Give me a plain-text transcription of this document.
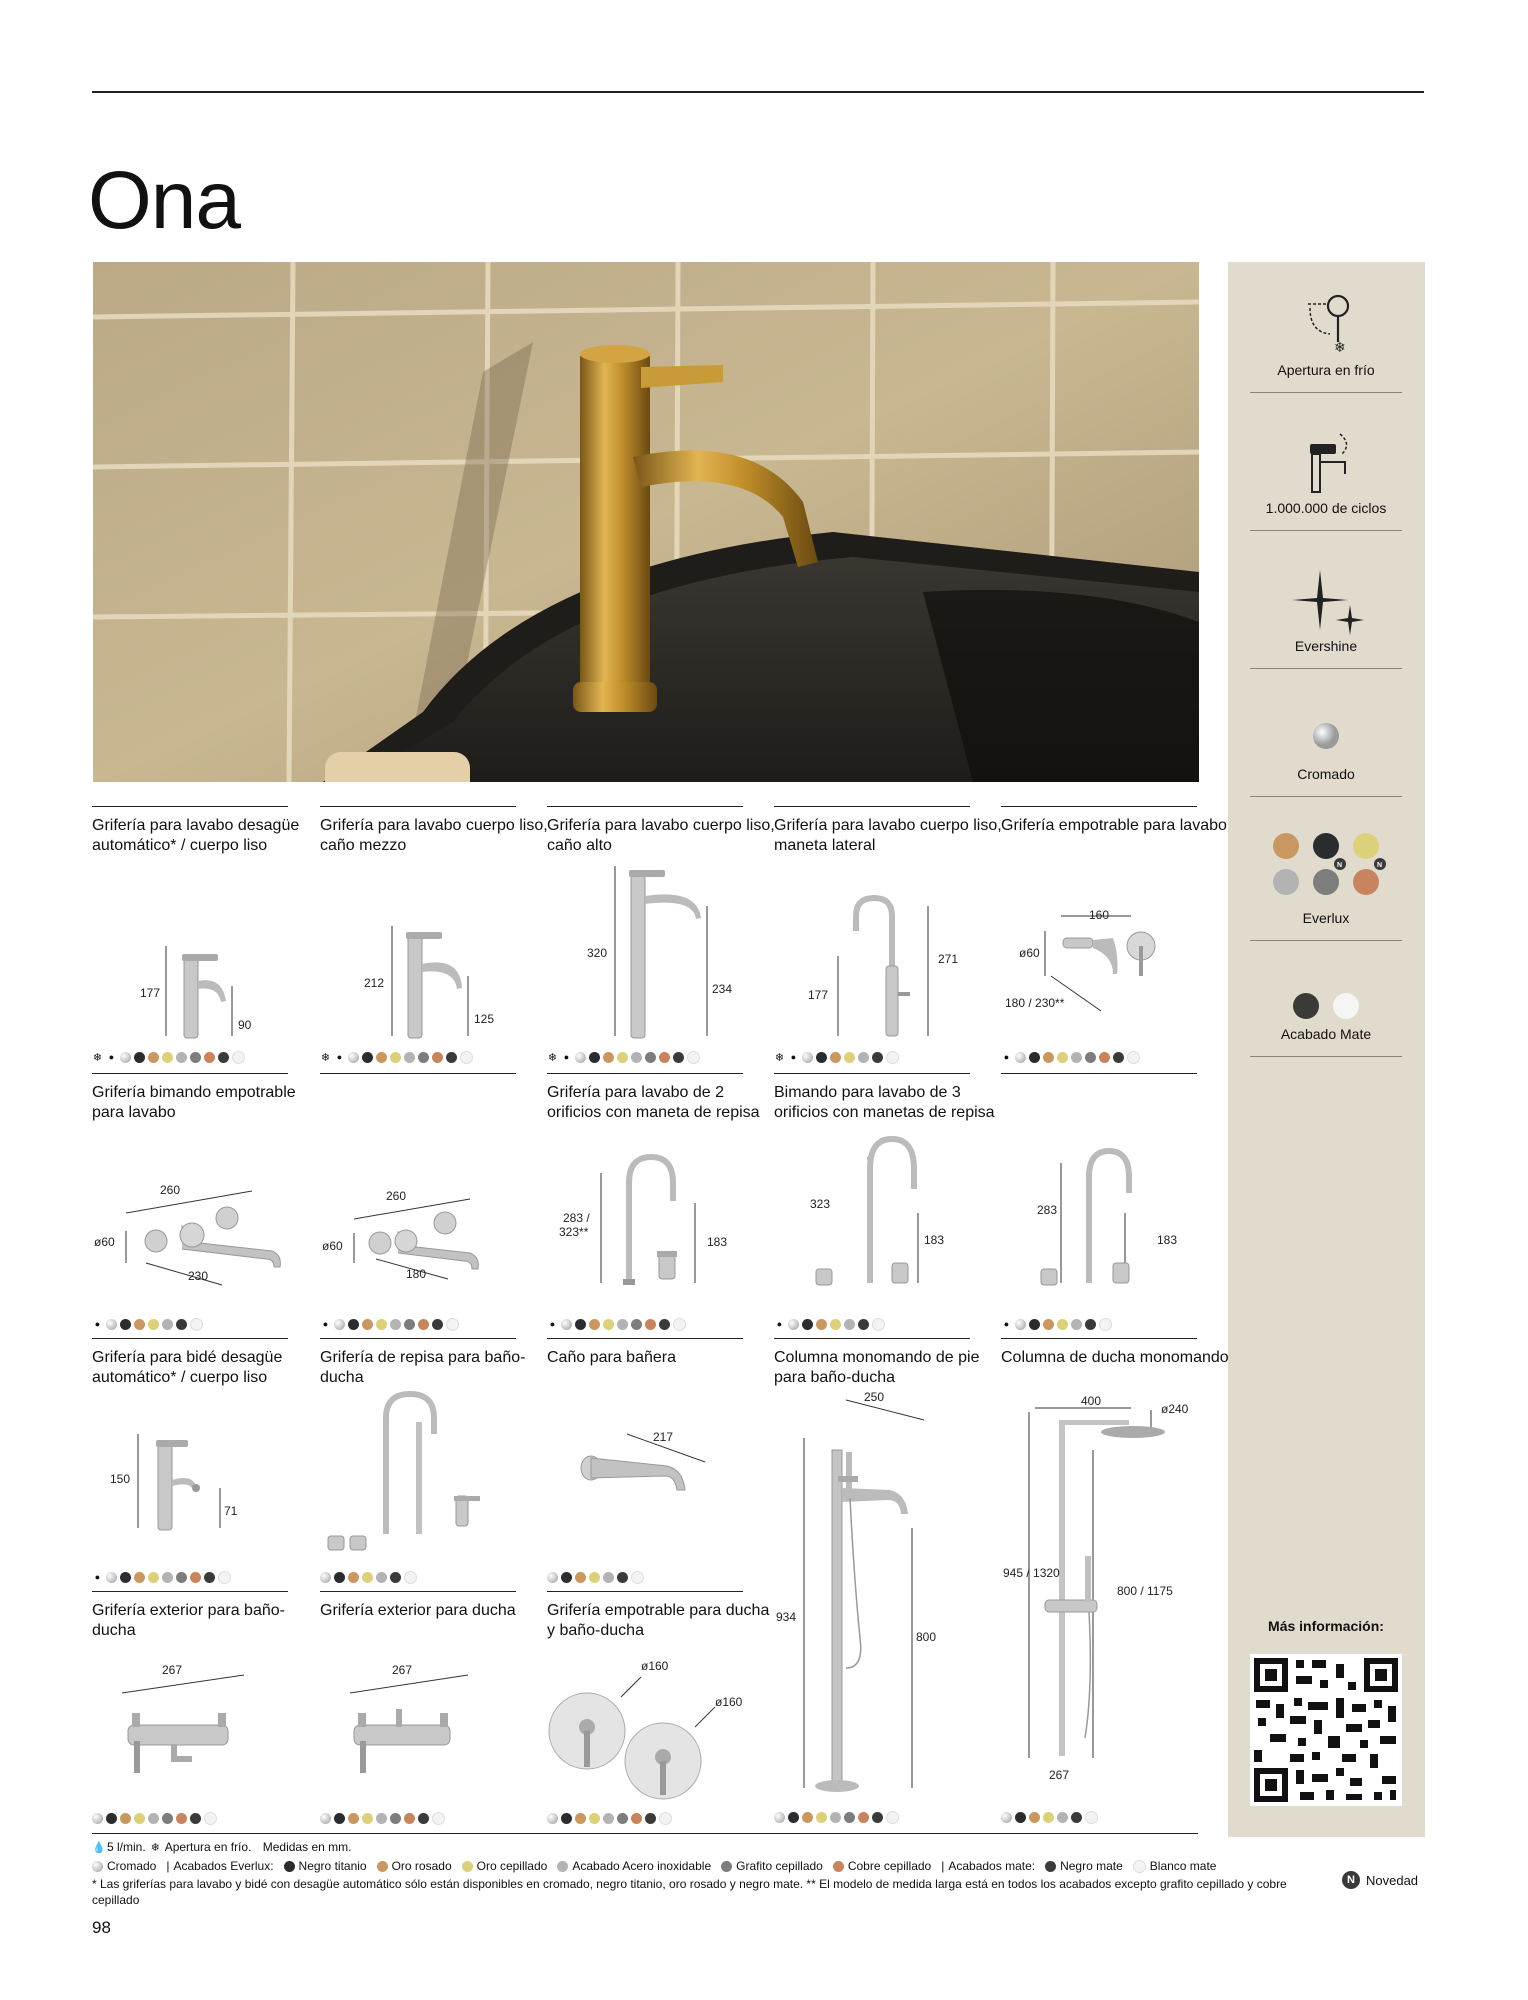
Ona
❄
Apertura en frío
1.000.000 de ciclos
Evershine
Cromado
N	N
Everlux
Acabado Mate
Más información:
Grifería para lavabo desagüe automático* / cuerpo liso
177
90
❄ ●
Grifería para lavabo cuerpo liso, caño mezzo
212
125
❄ ●
Grifería para lavabo cuerpo liso, caño alto
320
234
❄ ●
Grifería para lavabo cuerpo liso, maneta lateral
177
271
❄ ●
Grifería empotrable para lavabo
160
ø60
180 / 230**
●
Grifería bimando empotrable para lavabo
260
ø60
230
●
260
ø60
180
●
Grifería para lavabo de 2 orificios con maneta de repisa
283 /
323**
183
●
Bimando para lavabo de 3 orificios con manetas de repisa
323
183
●
283
183
●
Grifería para bidé desagüe automático* / cuerpo liso
150
71
●
Grifería de repisa para baño-ducha
Caño para bañera
217
Columna monomando de pie para baño-ducha
250
934
800
Columna de ducha monomando
400
ø240
945 / 1320
800 / 1175
267
Grifería exterior para baño-ducha
267
Grifería exterior para ducha
267
Grifería empotrable para ducha y baño-ducha
ø160
ø160
💧 5 l/min. ❄ Apertura en frío.
Medidas en mm.
Cromado | Acabados Everlux: Negro titanio Oro rosado Oro cepillado Acabado Acero inoxidable Grafito cepillado Cobre cepillado | Acabados mate: Negro mate Blanco mate
* Las griferías para lavabo y bidé con desagüe automático sólo están disponibles en cromado, negro titanio, oro rosado y negro mate. ** El modelo de medida larga está en todos los acabados excepto grafito cepillado y cobre cepillado
N Novedad
98
